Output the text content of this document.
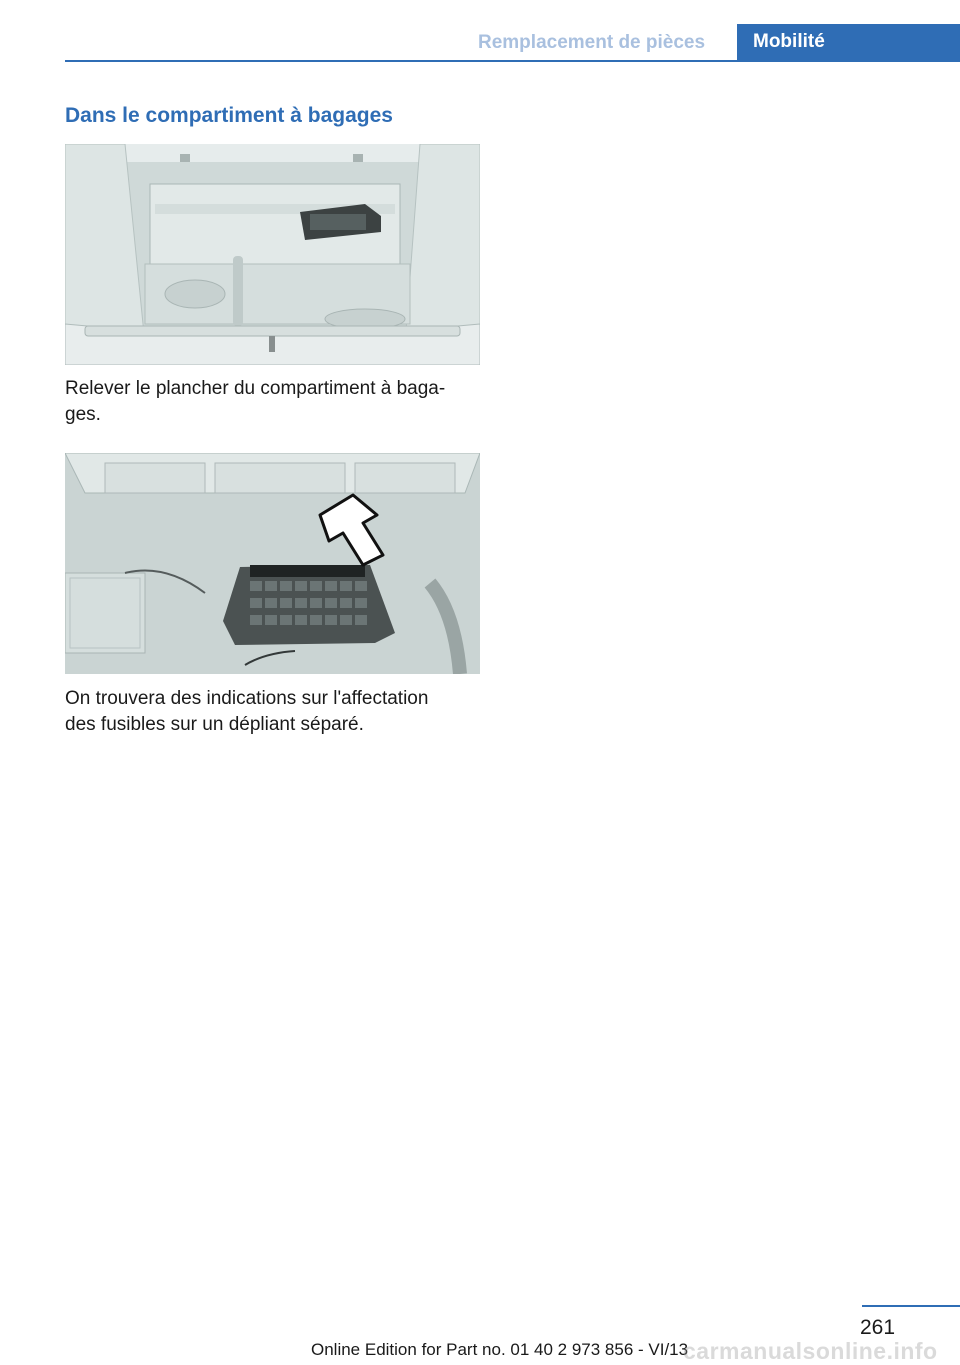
Remplacement de pièces	Mobilité
Dans le compartiment à bagages

Relever le plancher du compartiment à baga‐
ges.

On trouvera des indications sur l'affectation
des fusibles sur un dépliant séparé.

261
Online Edition for Part no. 01 40 2 973 856 - VI/13
carmanualsonline.info
